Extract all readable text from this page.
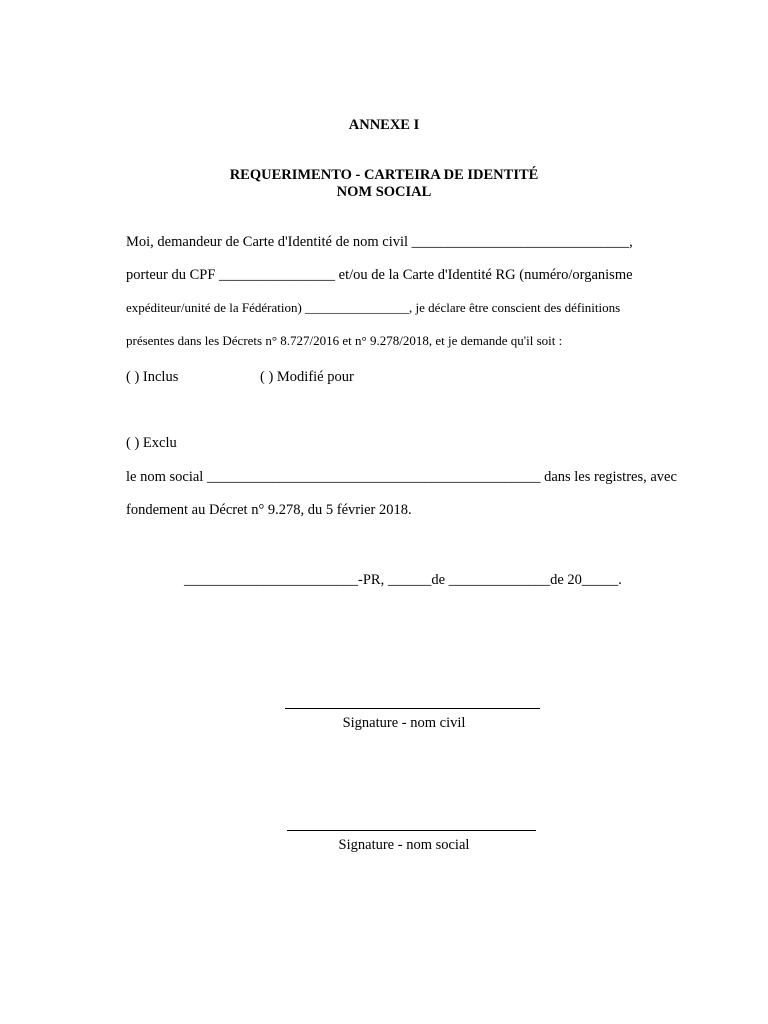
ANNEXE I
REQUERIMENTO - CARTEIRA DE IDENTITÉ
NOM SOCIAL
Moi, demandeur de Carte d'Identité de nom civil ______________________________,
porteur du CPF ________________ et/ou de la Carte d'Identité RG (numéro/organisme
expéditeur/unité de la Fédération) ________________, je déclare être conscient des définitions
présentes dans les Décrets n° 8.727/2016 et n° 9.278/2018, et je demande qu'il soit :
( ) Inclus	( ) Modifié pour
( ) Exclu
le nom social ______________________________________________ dans les registres, avec
fondement au Décret n° 9.278, du 5 février 2018.
________________________-PR, ______de ______________de 20_____.
Signature - nom civil
Signature - nom social
